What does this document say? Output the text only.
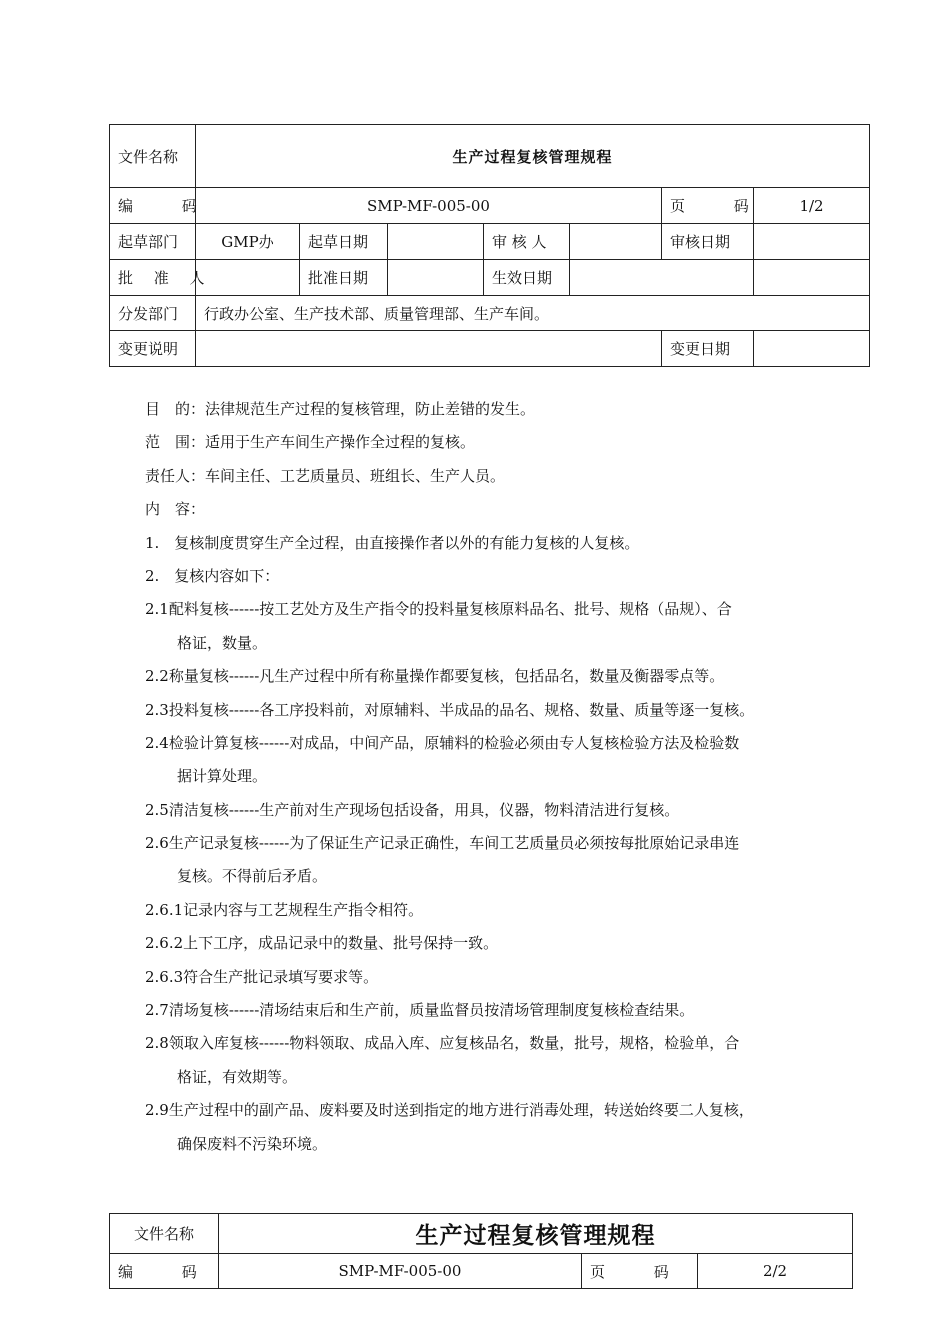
文件名称	生产过程复核管理规程						
编 码	SMP-MF-005-00					页 码	1/2
起草部门	GMP办	起草日期		审 核 人		审核日期	
批 准 人		批准日期		生效日期			
分发部门	行政办公室、生产技术部、质量管理部、生产车间。						
变更说明						变更日期	
目　的：法律规范生产过程的复核管理，防止差错的发生。
范　围：适用于生产车间生产操作全过程的复核。
责任人：车间主任、工艺质量员、班组长、生产人员。
内　容：
1.　复核制度贯穿生产全过程，由直接操作者以外的有能力复核的人复核。
2.　复核内容如下：
2.1配料复核------按工艺处方及生产指令的投料量复核原料品名、批号、规格（品规）、合
格证，数量。
2.2称量复核------凡生产过程中所有称量操作都要复核，包括品名，数量及衡器零点等。
2.3投料复核------各工序投料前，对原辅料、半成品的品名、规格、数量、质量等逐一复核。
2.4检验计算复核------对成品，中间产品，原辅料的检验必须由专人复核检验方法及检验数
据计算处理。
2.5清洁复核------生产前对生产现场包括设备，用具，仪器，物料清洁进行复核。
2.6生产记录复核------为了保证生产记录正确性，车间工艺质量员必须按每批原始记录串连
复核。不得前后矛盾。
2.6.1记录内容与工艺规程生产指令相符。
2.6.2上下工序，成品记录中的数量、批号保持一致。
2.6.3符合生产批记录填写要求等。
2.7清场复核------清场结束后和生产前，质量监督员按清场管理制度复核检查结果。
2.8领取入库复核------物料领取、成品入库、应复核品名，数量，批号，规格，检验单，合
格证，有效期等。
2.9生产过程中的副产品、废料要及时送到指定的地方进行消毒处理，转送始终要二人复核，
确保废料不污染环境。
文件名称	生产过程复核管理规程		
编 码	SMP-MF-005-00	页 码	2/2
